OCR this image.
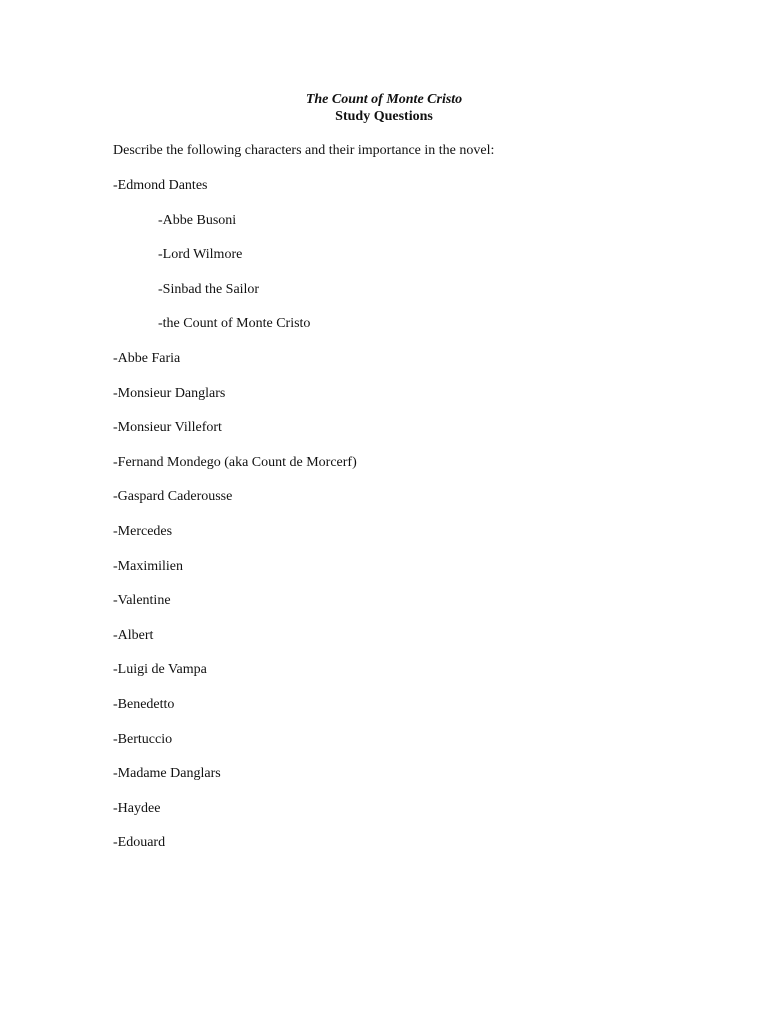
The Count of Monte Cristo
Study Questions
Describe the following characters and their importance in the novel:
-Edmond Dantes
-Abbe Busoni
-Lord Wilmore
-Sinbad the Sailor
-the Count of Monte Cristo
-Abbe Faria
-Monsieur Danglars
-Monsieur Villefort
-Fernand Mondego (aka Count de Morcerf)
-Gaspard Caderousse
-Mercedes
-Maximilien
-Valentine
-Albert
-Luigi de Vampa
-Benedetto
-Bertuccio
-Madame Danglars
-Haydee
-Edouard
